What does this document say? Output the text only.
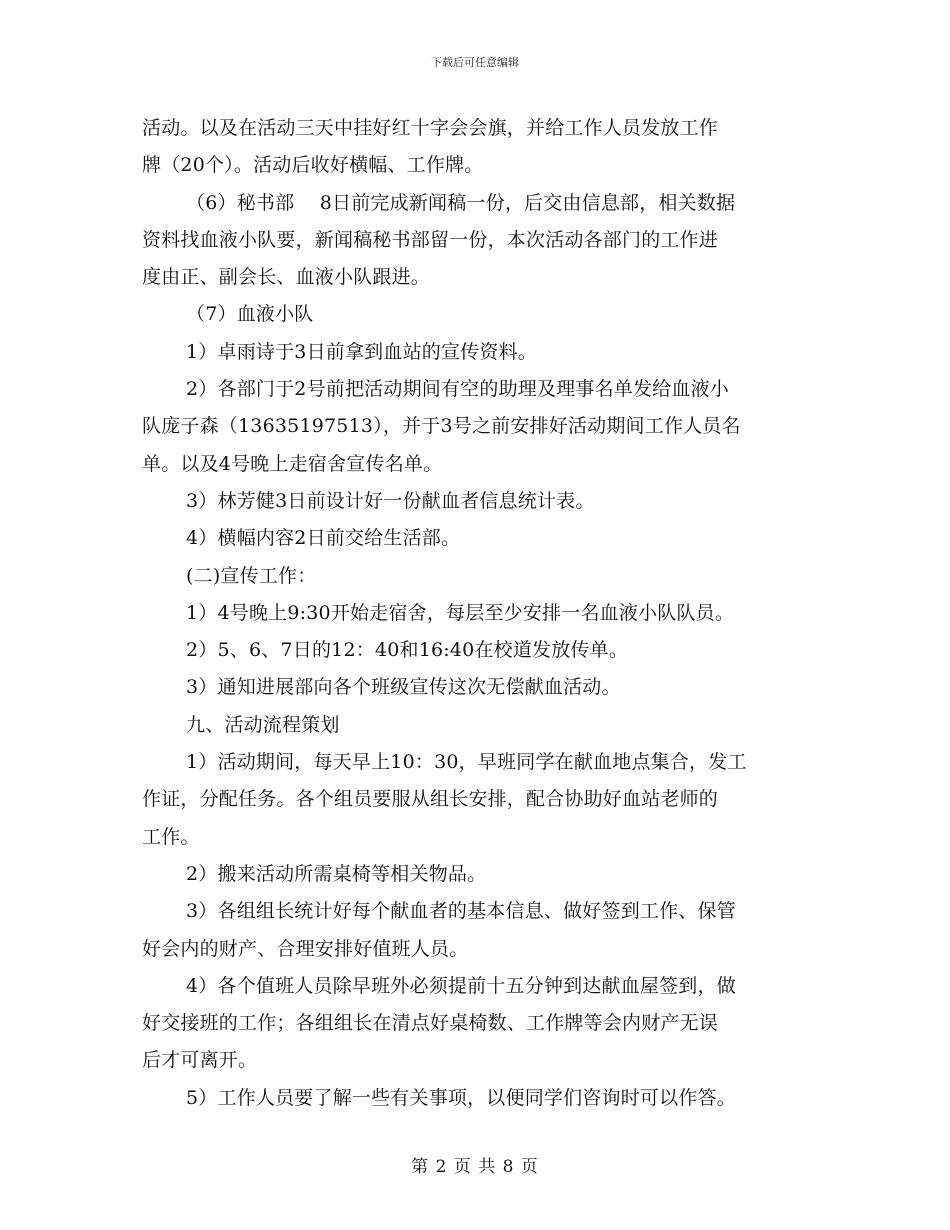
下载后可任意编辑
活动。以及在活动三天中挂好红十字会会旗，并给工作人员发放工作
牌（20个）。活动后收好横幅、工作牌。
（6）秘书部　 8日前完成新闻稿一份，后交由信息部，相关数据
资料找血液小队要，新闻稿秘书部留一份，本次活动各部门的工作进
度由正、副会长、血液小队跟进。
（7）血液小队
1）卓雨诗于3日前拿到血站的宣传资料。
2）各部门于2号前把活动期间有空的助理及理事名单发给血液小
队庞子森（13635197513），并于3号之前安排好活动期间工作人员名
单。以及4号晚上走宿舍宣传名单。
3）林芳健3日前设计好一份献血者信息统计表。
4）横幅内容2日前交给生活部。
(二)宣传工作：
1）4号晚上9:30开始走宿舍，每层至少安排一名血液小队队员。
2）5、6、7日的12：40和16:40在校道发放传单。
3）通知进展部向各个班级宣传这次无偿献血活动。
九、活动流程策划
1）活动期间，每天早上10：30，早班同学在献血地点集合，发工
作证，分配任务。各个组员要服从组长安排，配合协助好血站老师的
工作。
2）搬来活动所需桌椅等相关物品。
3）各组组长统计好每个献血者的基本信息、做好签到工作、保管
好会内的财产、合理安排好值班人员。
4）各个值班人员除早班外必须提前十五分钟到达献血屋签到，做
好交接班的工作；各组组长在清点好桌椅数、工作牌等会内财产无误
后才可离开。
5）工作人员要了解一些有关事项，以便同学们咨询时可以作答。
第 2 页 共 8 页
